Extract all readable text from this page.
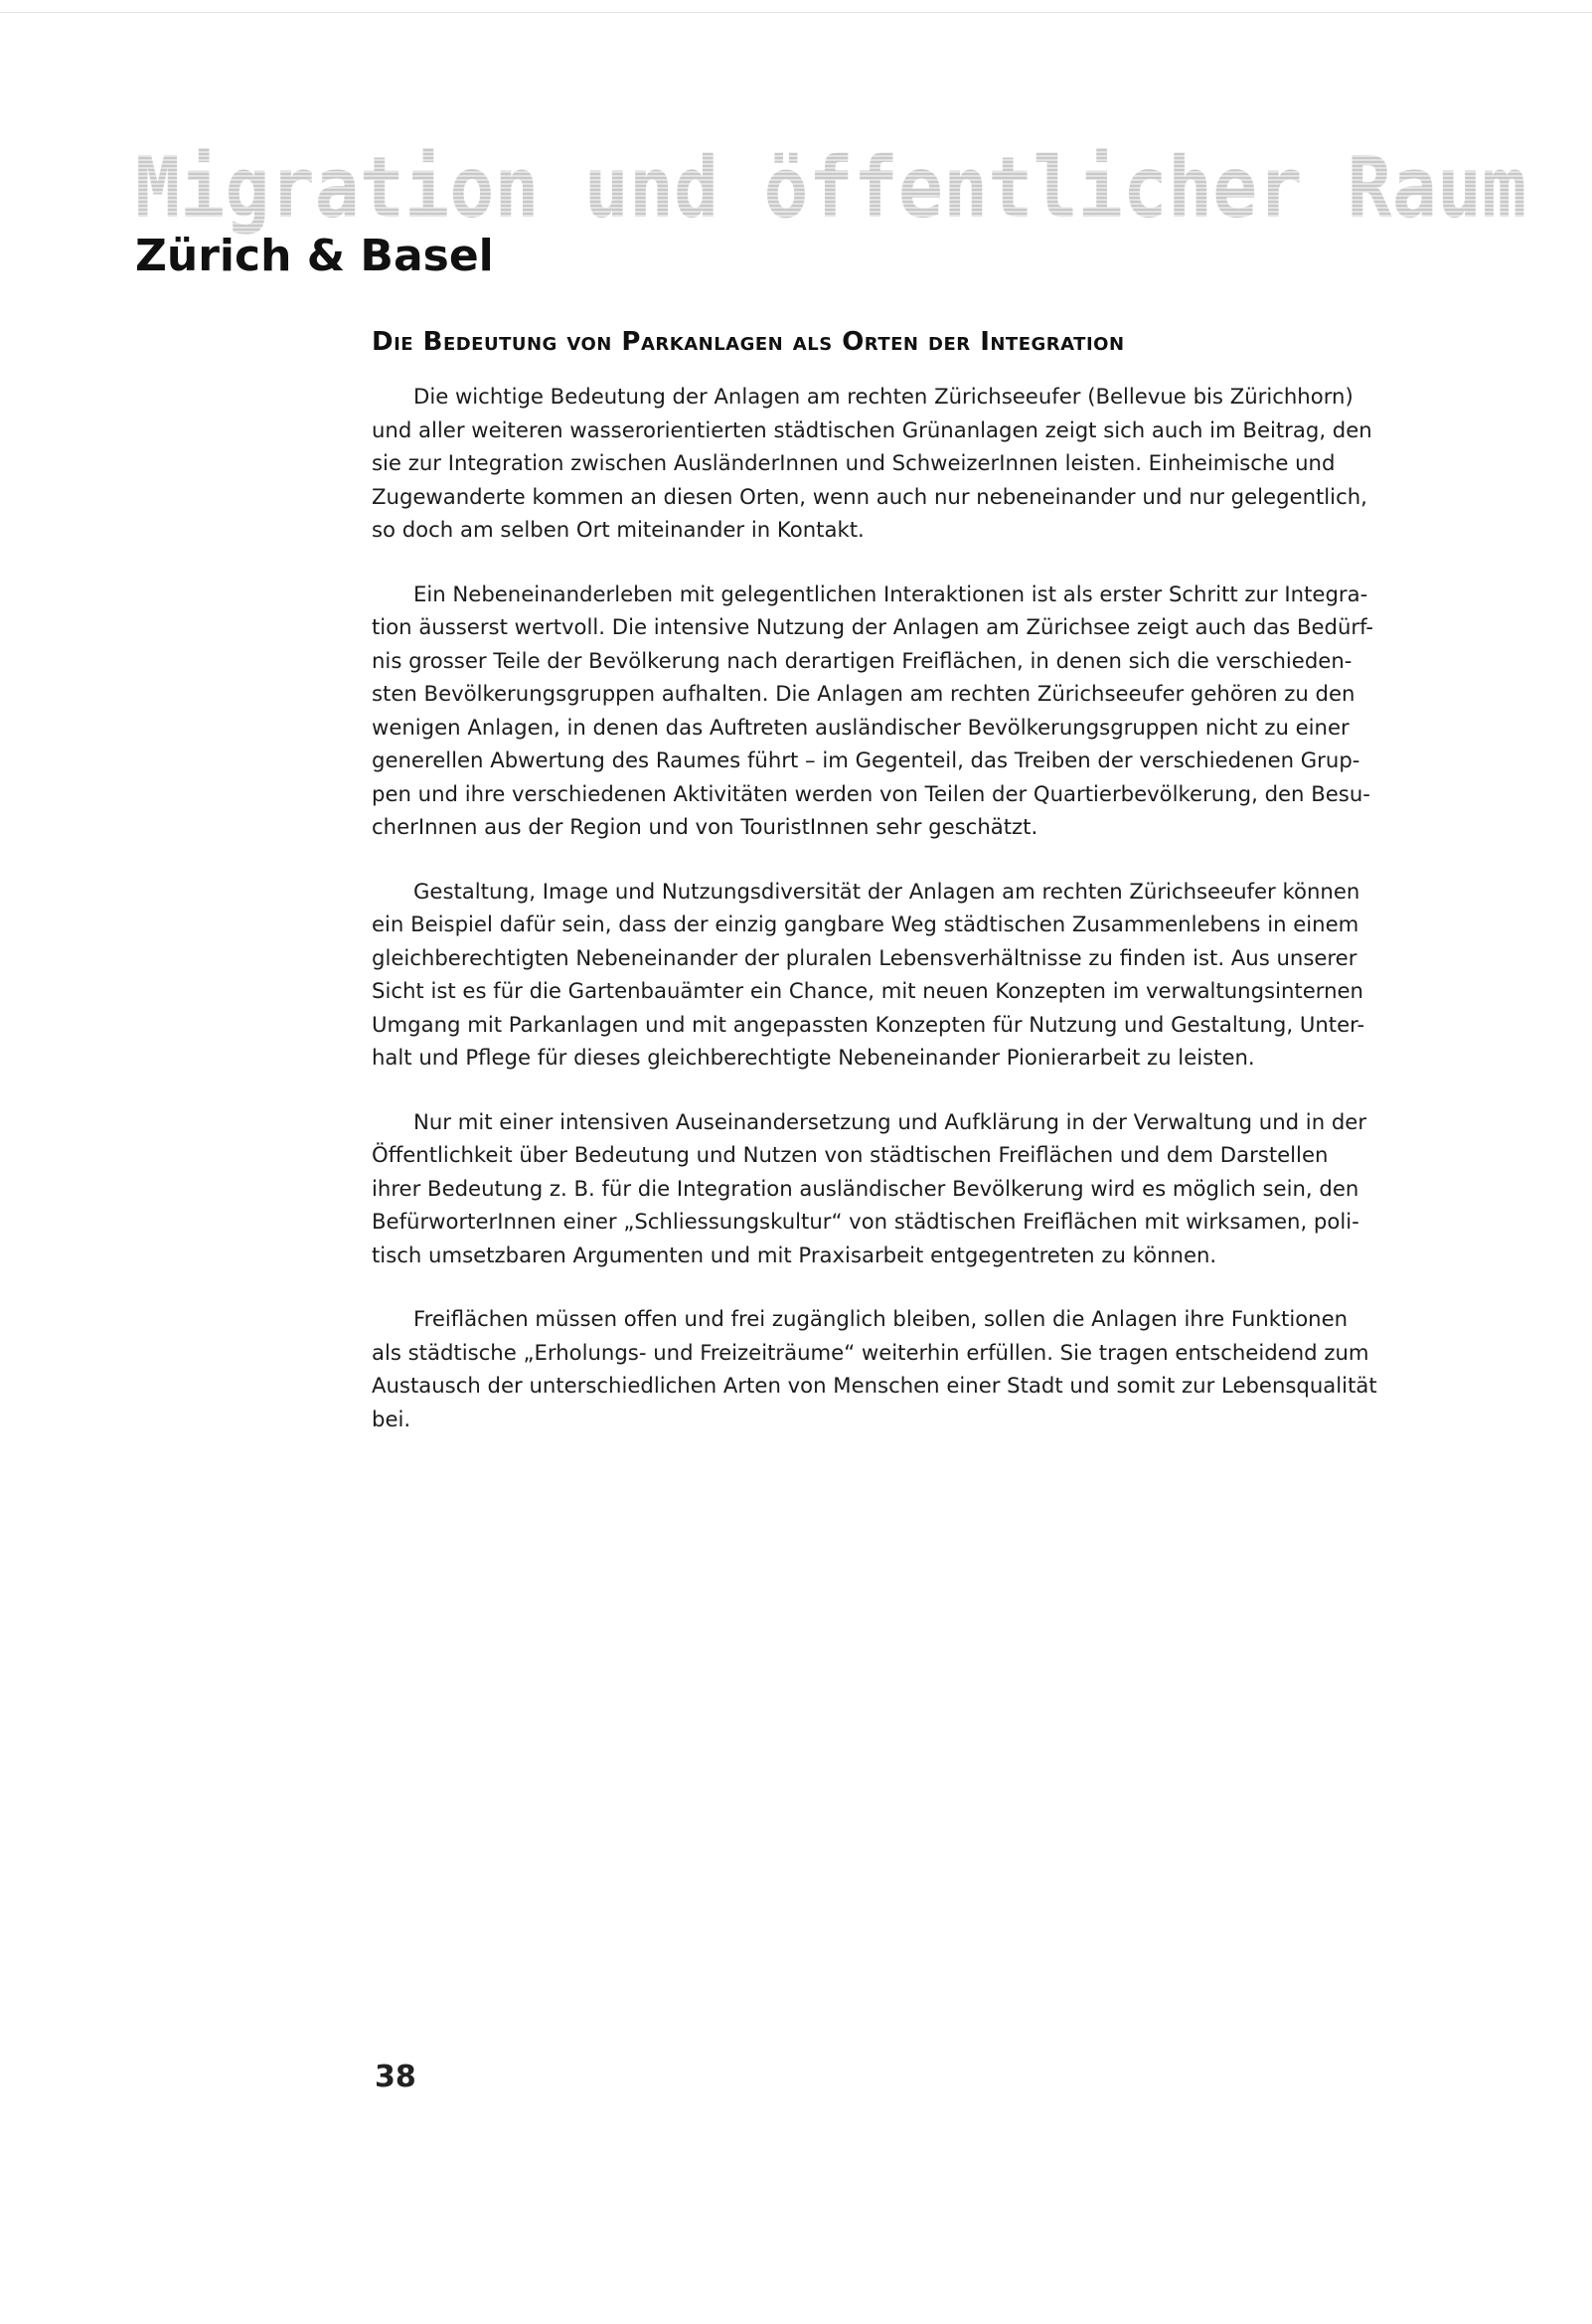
Migration und öffentlicher Raum
Zürich & Basel
Die Bedeutung von Parkanlagen als Orten der Integration

Die wichtige Bedeutung der Anlagen am rechten Zürichseeufer (Bellevue bis Zürichhorn)
und aller weiteren wasserorientierten städtischen Grünanlagen zeigt sich auch im Beitrag, den
sie zur Integration zwischen AusländerInnen und SchweizerInnen leisten. Einheimische und
Zugewanderte kommen an diesen Orten, wenn auch nur nebeneinander und nur gelegentlich,
so doch am selben Ort miteinander in Kontakt.

Ein Nebeneinanderleben mit gelegentlichen Interaktionen ist als erster Schritt zur Integra-
tion äusserst wertvoll. Die intensive Nutzung der Anlagen am Zürichsee zeigt auch das Bedürf-
nis grosser Teile der Bevölkerung nach derartigen Freiflächen, in denen sich die verschieden-
sten Bevölkerungsgruppen aufhalten. Die Anlagen am rechten Zürichseeufer gehören zu den
wenigen Anlagen, in denen das Auftreten ausländischer Bevölkerungsgruppen nicht zu einer
generellen Abwertung des Raumes führt – im Gegenteil, das Treiben der verschiedenen Grup-
pen und ihre verschiedenen Aktivitäten werden von Teilen der Quartierbevölkerung, den Besu-
cherInnen aus der Region und von TouristInnen sehr geschätzt.

Gestaltung, Image und Nutzungsdiversität der Anlagen am rechten Zürichseeufer können
ein Beispiel dafür sein, dass der einzig gangbare Weg städtischen Zusammenlebens in einem
gleichberechtigten Nebeneinander der pluralen Lebensverhältnisse zu finden ist. Aus unserer
Sicht ist es für die Gartenbauämter ein Chance, mit neuen Konzepten im verwaltungsinternen
Umgang mit Parkanlagen und mit angepassten Konzepten für Nutzung und Gestaltung, Unter-
halt und Pflege für dieses gleichberechtigte Nebeneinander Pionierarbeit zu leisten.

Nur mit einer intensiven Auseinandersetzung und Aufklärung in der Verwaltung und in der
Öffentlichkeit über Bedeutung und Nutzen von städtischen Freiflächen und dem Darstellen
ihrer Bedeutung z. B. für die Integration ausländischer Bevölkerung wird es möglich sein, den
BefürworterInnen einer „Schliessungskultur“ von städtischen Freiflächen mit wirksamen, poli-
tisch umsetzbaren Argumenten und mit Praxisarbeit entgegentreten zu können.

Freiflächen müssen offen und frei zugänglich bleiben, sollen die Anlagen ihre Funktionen
als städtische „Erholungs- und Freizeiträume“ weiterhin erfüllen. Sie tragen entscheidend zum
Austausch der unterschiedlichen Arten von Menschen einer Stadt und somit zur Lebensqualität
bei.

38
